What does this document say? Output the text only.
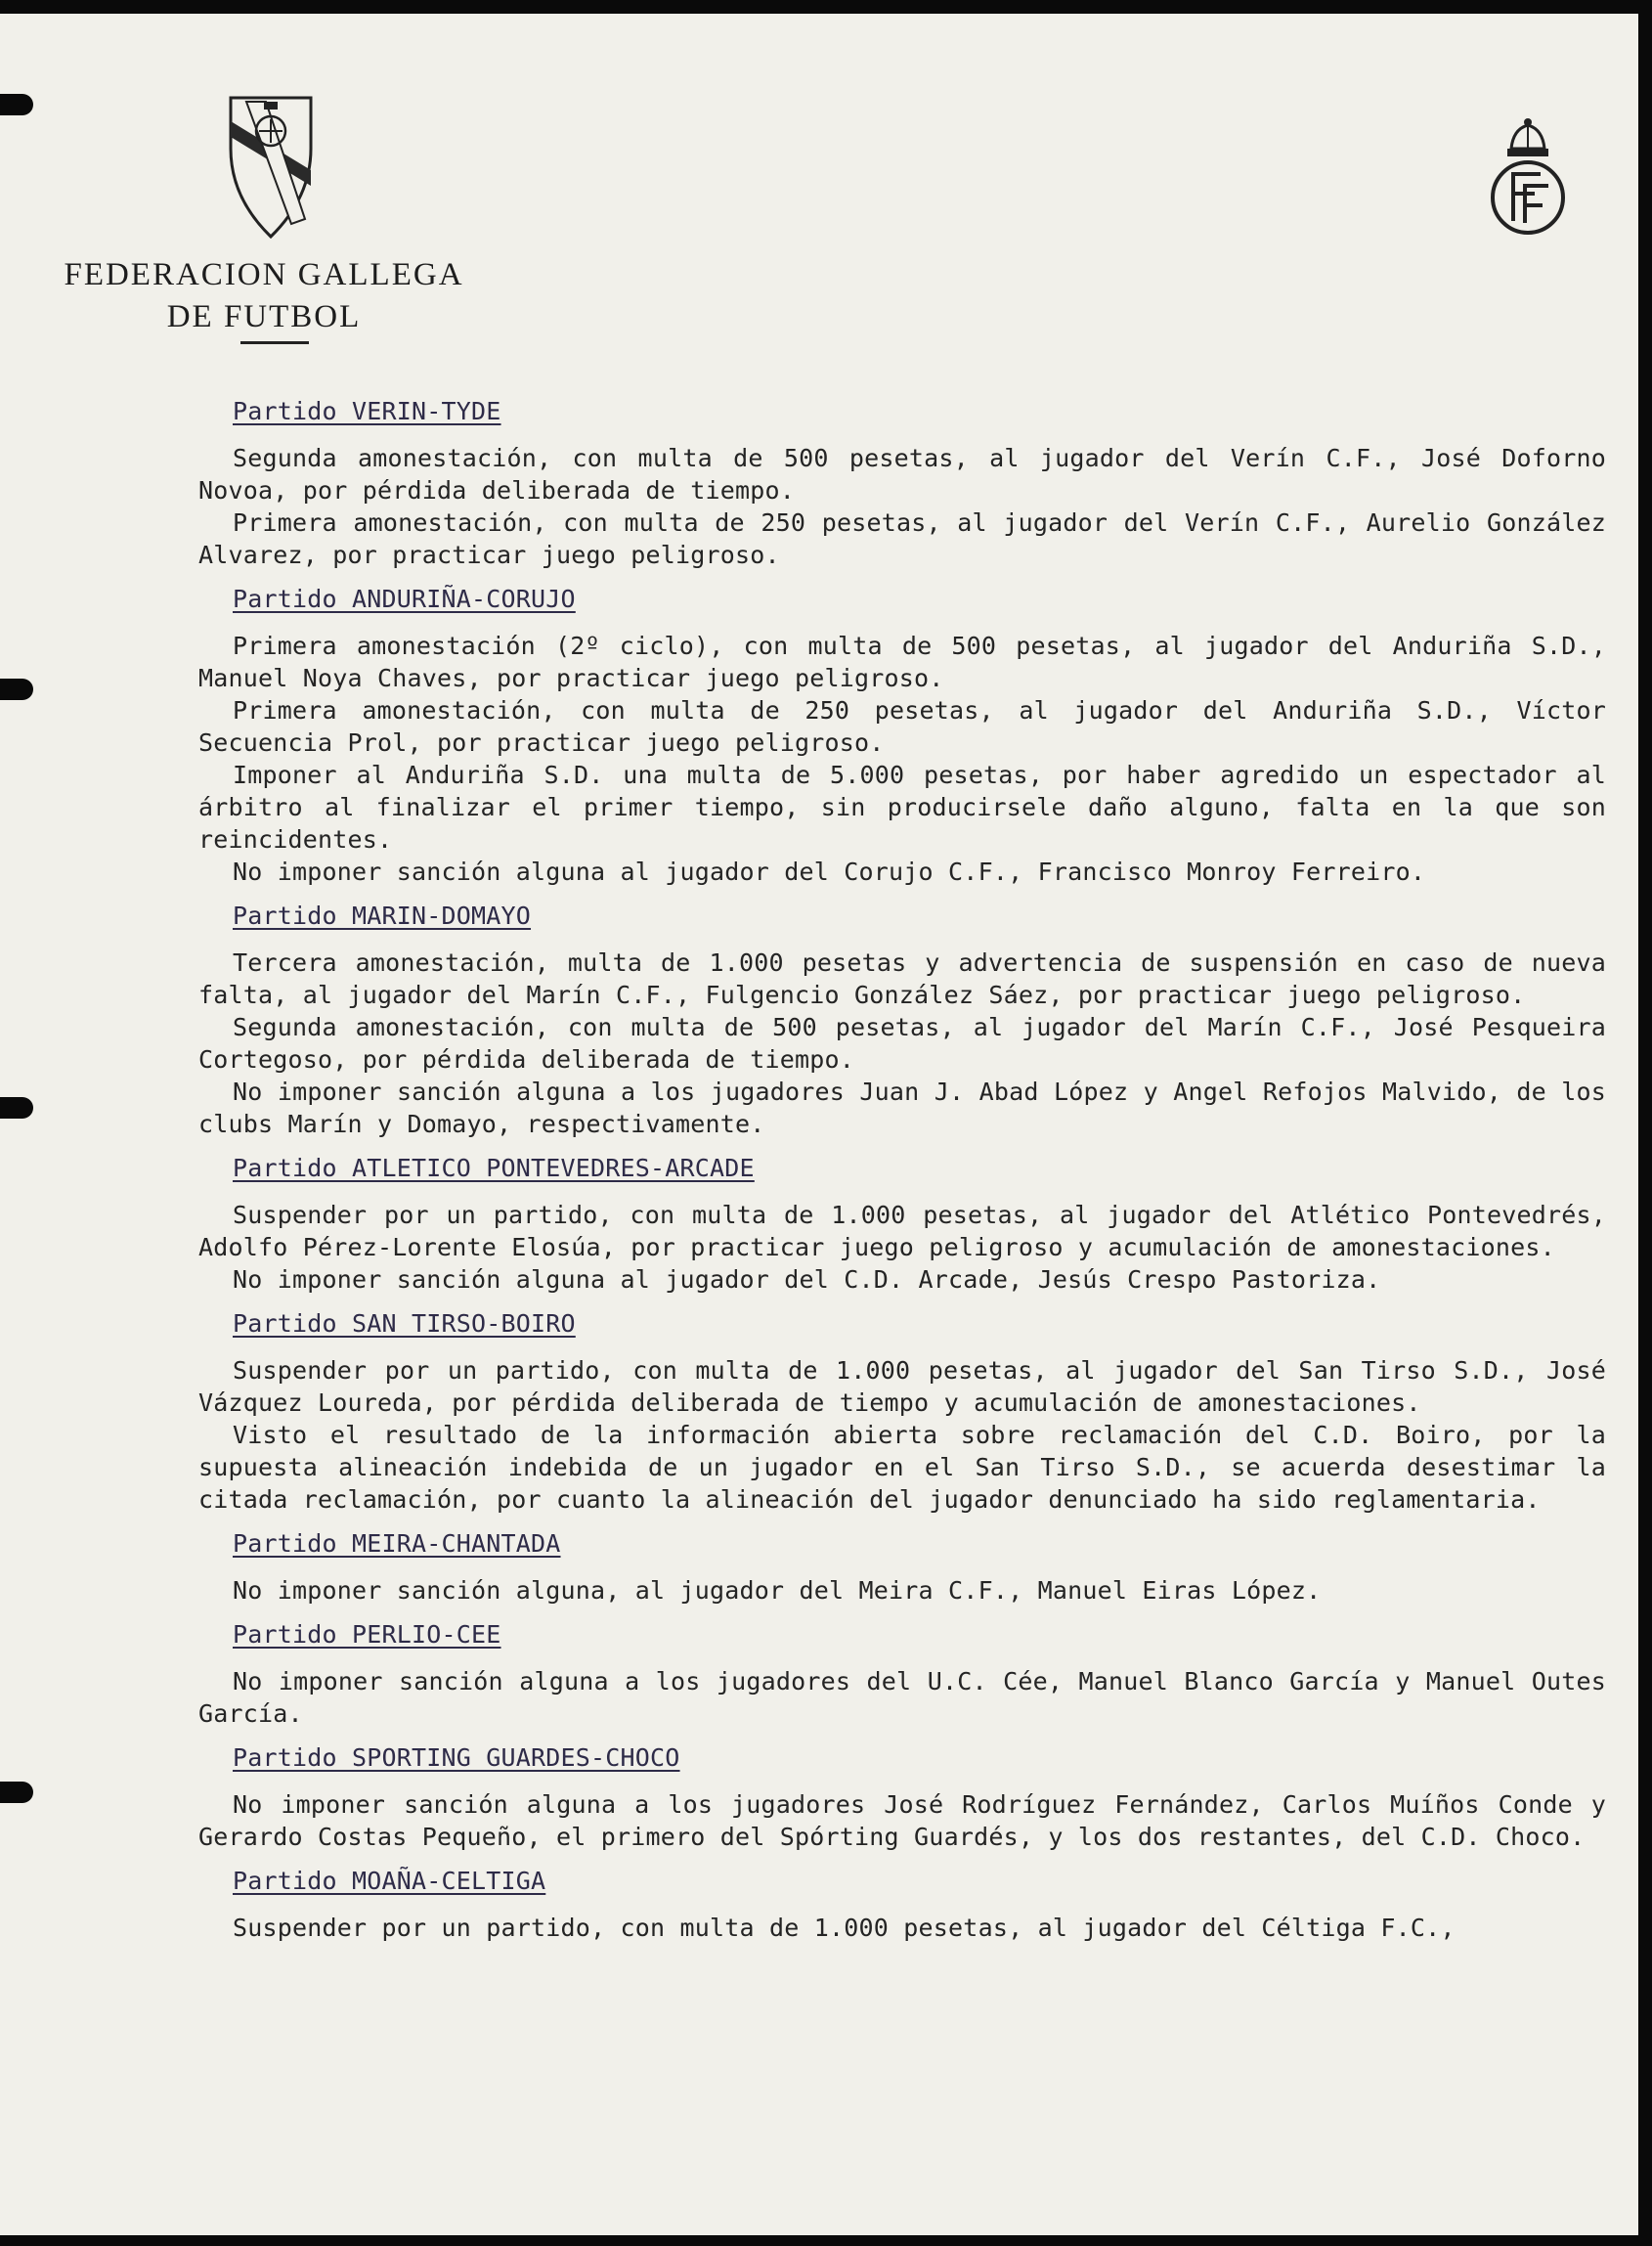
FEDERACION GALLEGA
DE FUTBOL
Partido VERIN-TYDE

Segunda amonestación, con multa de 500 pesetas, al jugador del Verín C.F., José Doforno Novoa, por pérdida deliberada de tiempo.

Primera amonestación, con multa de 250 pesetas, al jugador del Verín C.F., Aurelio González Alvarez, por practicar juego peligroso.

Partido ANDURIÑA-CORUJO

Primera amonestación (2º ciclo), con multa de 500 pesetas, al jugador del Anduriña S.D., Manuel Noya Chaves, por practicar juego peligroso.

Primera amonestación, con multa de 250 pesetas, al jugador del Anduriña S.D., Víctor Secuencia Prol, por practicar juego peligroso.

Imponer al Anduriña S.D. una multa de 5.000 pesetas, por haber agredido un espectador al árbitro al finalizar el primer tiempo, sin producirsele daño alguno, falta en la que son reincidentes.

No imponer sanción alguna al jugador del Corujo C.F., Francisco Monroy Ferreiro.

Partido MARIN-DOMAYO

Tercera amonestación, multa de 1.000 pesetas y advertencia de suspensión en caso de nueva falta, al jugador del Marín C.F., Fulgencio González Sáez, por practicar juego peligroso.

Segunda amonestación, con multa de 500 pesetas, al jugador del Marín C.F., José Pesqueira Cortegoso, por pérdida deliberada de tiempo.

No imponer sanción alguna a los jugadores Juan J. Abad López y Angel Refojos Malvido, de los clubs Marín y Domayo, respectivamente.

Partido ATLETICO PONTEVEDRES-ARCADE

Suspender por un partido, con multa de 1.000 pesetas, al jugador del Atlético Pontevedrés, Adolfo Pérez-Lorente Elosúa, por practicar juego peligroso y acumulación de amonestaciones.

No imponer sanción alguna al jugador del C.D. Arcade, Jesús Crespo Pastoriza.

Partido SAN TIRSO-BOIRO

Suspender por un partido, con multa de 1.000 pesetas, al jugador del San Tirso S.D., José Vázquez Loureda, por pérdida deliberada de tiempo y acumulación de amonestaciones.

Visto el resultado de la información abierta sobre reclamación del C.D. Boiro, por la supuesta alineación indebida de un jugador en el San Tirso S.D., se acuerda desestimar la citada reclamación, por cuanto la alineación del jugador denunciado ha sido reglamentaria.

Partido MEIRA-CHANTADA

No imponer sanción alguna, al jugador del Meira C.F., Manuel Eiras López.

Partido PERLIO-CEE

No imponer sanción alguna a los jugadores del U.C. Cée, Manuel Blanco García y Manuel Outes García.

Partido SPORTING GUARDES-CHOCO

No imponer sanción alguna a los jugadores José Rodríguez Fernández, Carlos Muíños Conde y Gerardo Costas Pequeño, el primero del Spórting Guardés, y los dos restantes, del C.D. Choco.

Partido MOAÑA-CELTIGA

Suspender por un partido, con multa de 1.000 pesetas, al jugador del Céltiga F.C.,
